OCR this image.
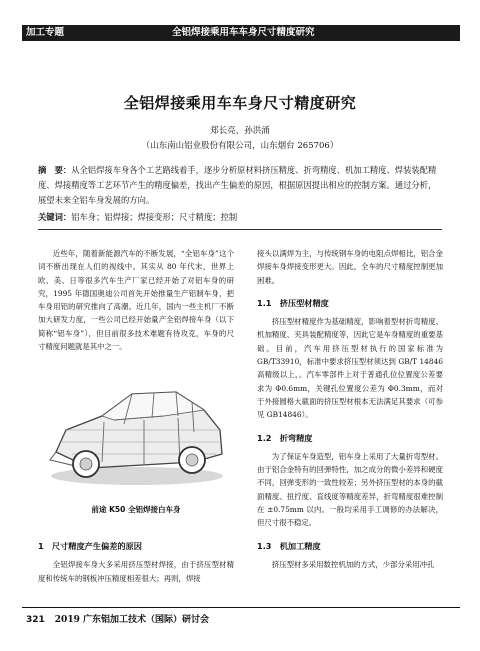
加工专题	全铝焊接乘用车车身尺寸精度研究
全铝焊接乘用车车身尺寸精度研究
郑长亮，孙洪涌
（山东南山铝业股份有限公司，山东烟台 265706）
摘　要：从全铝焊接车身各个工艺路线着手，逐步分析原材料挤压精度、折弯精度、机加工精度、焊装装配精度、焊接精度等工艺环节产生的精度偏差，找出产生偏差的原因，根据原因提出相应的控制方案。通过分析，展望未来全铝车身发展的方向。
关键词：铝车身；铝焊接；焊接变形；尺寸精度；控制

近些年，随着新能源汽车的不断发展，“全铝车身”这个词不断出现在人们的视线中。其实从 80 年代末，世界上欧、美、日等很多汽车生产厂家已经开始了对铝车身的研究，1995 年德国奥迪公司首先开始推量生产铝制车身，把车身用铝的研究推向了高潮。近几年，国内一些主机厂不断加大研发力度，一些公司已经开始量产全铝焊接车身（以下简称“铝车身”），但目前很多技术难题有待攻克，车身的尺寸精度问题就是其中之一。

前途 K50 全铝焊接白车身
1　尺寸精度产生偏差的原因

全铝焊接车身大多采用挤压型材焊接，由于挤压型材精度和传统车的钢板冲压精度相差很大；再则，焊接

接头以满焊为主，与传统钢车身的电阻点焊相比，铝合金焊接车身焊接变形更大。因此，全车的尺寸精度控制更加困难。

1.1　挤压型材精度

挤压型材精度作为基础精度，影响着型材折弯精度、机加精度、夹具装配精度等，因此它是车身精度的重要基础。目前，汽车用挤压型材执行的国家标准为 GB/T33910，标准中要求挤压型材须达到 GB/T 14846 高精级以上，。汽车零部件上对于普通孔位位置度公差要求为 Φ0.6mm，关键孔位置度公差为 Φ0.3mm，而对于外接圆格大截面的挤压型材根本无法满足其要求（可参见 GB14846）。

1.2　折弯精度

为了保证车身造型，铝车身上采用了大量折弯型材。由于铝合金特有的回弹特性，加之成分的微小差异和硬度不同，回弹变形的一致性较差；另外挤压型材的本身的截面精度、扭拧度、直线度等精度差异，折弯精度很难控制在 ±0.75mm 以内。一般均采用手工调修的办法解决，但尺寸很不稳定。

1.3　机加工精度

挤压型材多采用数控机加的方式，少部分采用冲孔

321 2019 广东铝加工技术（国际）研讨会
